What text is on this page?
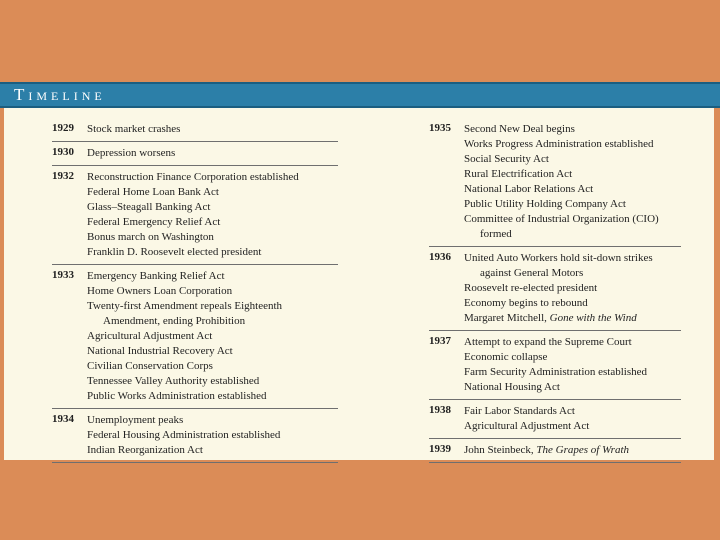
Timeline
1929	Stock market crashes
1930	Depression worsens
1932	Reconstruction Finance Corporation established
Federal Home Loan Bank Act
Glass–Steagall Banking Act
Federal Emergency Relief Act
Bonus march on Washington
Franklin D. Roosevelt elected president
1933	Emergency Banking Relief Act
Home Owners Loan Corporation
Twenty-first Amendment repeals Eighteenth
Amendment, ending Prohibition
Agricultural Adjustment Act
National Industrial Recovery Act
Civilian Conservation Corps
Tennessee Valley Authority established
Public Works Administration established
1934	Unemployment peaks
Federal Housing Administration established
Indian Reorganization Act
1935	Second New Deal begins
Works Progress Administration established
Social Security Act
Rural Electrification Act
National Labor Relations Act
Public Utility Holding Company Act
Committee of Industrial Organization (CIO)
formed
1936	United Auto Workers hold sit-down strikes
against General Motors
Roosevelt re-elected president
Economy begins to rebound
Margaret Mitchell, Gone with the Wind
1937	Attempt to expand the Supreme Court
Economic collapse
Farm Security Administration established
National Housing Act
1938	Fair Labor Standards Act
Agricultural Adjustment Act
1939	John Steinbeck, The Grapes of Wrath
